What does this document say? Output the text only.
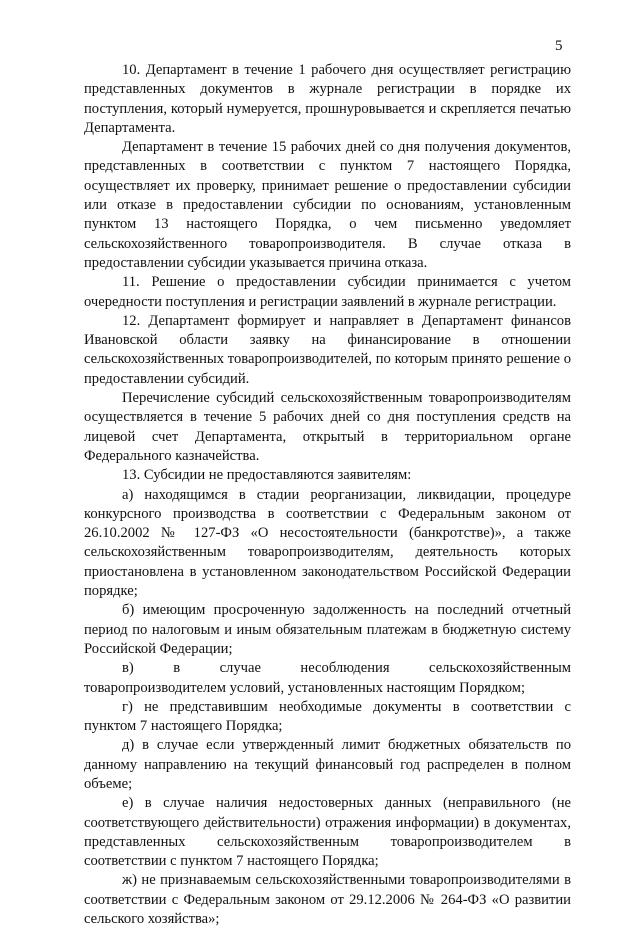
5

10. Департамент в течение 1 рабочего дня осуществляет регистрацию представленных документов в журнале регистрации в порядке их поступления, который нумеруется, прошнуровывается и скрепляется печатью Департамента.

Департамент в течение 15 рабочих дней со дня получения документов, представленных в соответствии с пунктом 7 настоящего Порядка, осуществляет их проверку, принимает решение о предоставлении субсидии или отказе в предоставлении субсидии по основаниям, установленным пунктом 13 настоящего Порядка, о чем письменно уведомляет сельскохозяйственного товаропроизводителя. В случае отказа в предоставлении субсидии указывается причина отказа.

11. Решение о предоставлении субсидии принимается с учетом очередности поступления и регистрации заявлений в журнале регистрации.

12. Департамент формирует и направляет в Департамент финансов Ивановской области заявку на финансирование в отношении сельскохозяйственных товаропроизводителей, по которым принято решение о предоставлении субсидий.

Перечисление субсидий сельскохозяйственным товаропроизводителям осуществляется в течение 5 рабочих дней со дня поступления средств на лицевой счет Департамента, открытый в территориальном органе Федерального казначейства.

13. Субсидии не предоставляются заявителям:

а) находящимся в стадии реорганизации, ликвидации, процедуре конкурсного производства в соответствии с Федеральным законом от 26.10.2002 № 127-ФЗ «О несостоятельности (банкротстве)», а также сельскохозяйственным товаропроизводителям, деятельность которых приостановлена в установленном законодательством Российской Федерации порядке;

б) имеющим просроченную задолженность на последний отчетный период по налоговым и иным обязательным платежам в бюджетную систему Российской Федерации;

в) в случае несоблюдения сельскохозяйственным товаропроизводителем условий, установленных настоящим Порядком;

г) не представившим необходимые документы в соответствии с пунктом 7 настоящего Порядка;

д) в случае если утвержденный лимит бюджетных обязательств по данному направлению на текущий финансовый год распределен в полном объеме;

е) в случае наличия недостоверных данных (неправильного (не соответствующего действительности) отражения информации) в документах, представленных сельскохозяйственным товаропроизводителем в соответствии с пунктом 7 настоящего Порядка;

ж) не признаваемым сельскохозяйственными товаропроизводителями в соответствии с Федеральным законом от 29.12.2006 № 264-ФЗ «О развитии сельского хозяйства»;
